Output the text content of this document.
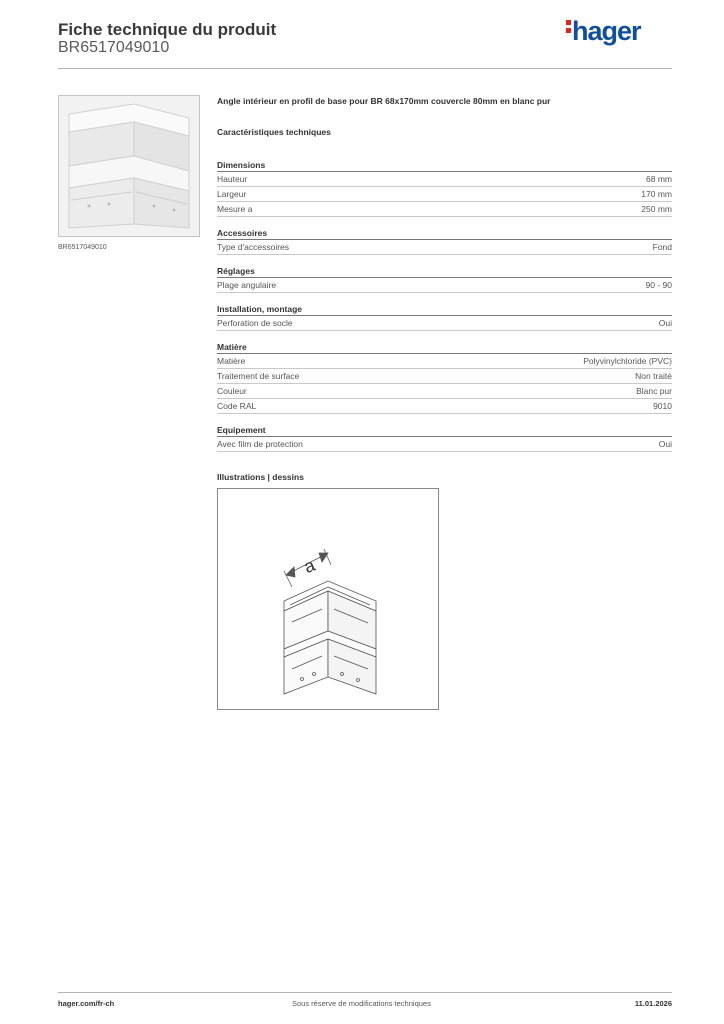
Fiche technique du produit
BR6517049010
hager
BR6517049010
Angle intérieur en profil de base pour BR 68x170mm couvercle 80mm en blanc pur
Caractéristiques techniques
Dimensions
Hauteur	68 mm
Largeur	170 mm
Mesure a	250 mm
Accessoires
Type d'accessoires	Fond
Réglages
Plage angulaire	90 - 90
Installation, montage
Perforation de socle	Oui
Matière
Matière	Polyvinylchloride (PVC)
Traitement de surface	Non traité
Couleur	Blanc pur
Code RAL	9010
Equipement
Avec film de protection	Oui
Illustrations | dessins
a
hager.com/fr-ch	Sous réserve de modifications techniques	11.01.2026
